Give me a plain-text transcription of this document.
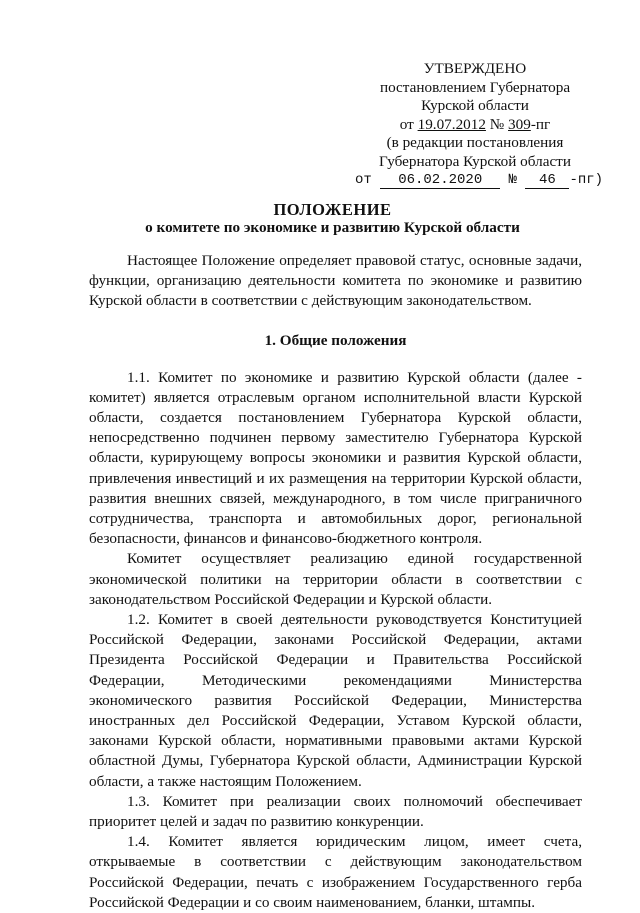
УТВЕРЖДЕНО
постановлением Губернатора
Курской области
от 19.07.2012 № 309-пг
(в редакции постановления
Губернатора Курской области
от 06.02.2020 № 46 -пг)
ПОЛОЖЕНИЕ
о комитете по экономике и развитию Курской области

Настоящее Положение определяет правовой статус, основные задачи, функции, организацию деятельности комитета по экономике и развитию Курской области в соответствии с действующим законодательством.

1. Общие положения

1.1. Комитет по экономике и развитию Курской области (далее - комитет) является отраслевым органом исполнительной власти Курской области, создается постановлением Губернатора Курской области, непосредственно подчинен первому заместителю Губернатора Курской области, курирующему вопросы экономики и развития Курской области, привлечения инвестиций и их размещения на территории Курской области, развития внешних связей, международного, в том числе приграничного сотрудничества, транспорта и автомобильных дорог, региональной безопасности, финансов и финансово-бюджетного контроля.

Комитет осуществляет реализацию единой государственной экономической политики на территории области в соответствии с законодательством Российской Федерации и Курской области.

1.2. Комитет в своей деятельности руководствуется Конституцией Российской Федерации, законами Российской Федерации, актами Президента Российской Федерации и Правительства Российской Федерации, Методическими рекомендациями Министерства экономического развития Российской Федерации, Министерства иностранных дел Российской Федерации, Уставом Курской области, законами Курской области, нормативными правовыми актами Курской областной Думы, Губернатора Курской области, Администрации Курской области, а также настоящим Положением.

1.3. Комитет при реализации своих полномочий обеспечивает приоритет целей и задач по развитию конкуренции.

1.4. Комитет является юридическим лицом, имеет счета, открываемые в соответствии с действующим законодательством Российской Федерации, печать с изображением Государственного герба Российской Федерации и со своим наименованием, бланки, штампы.
